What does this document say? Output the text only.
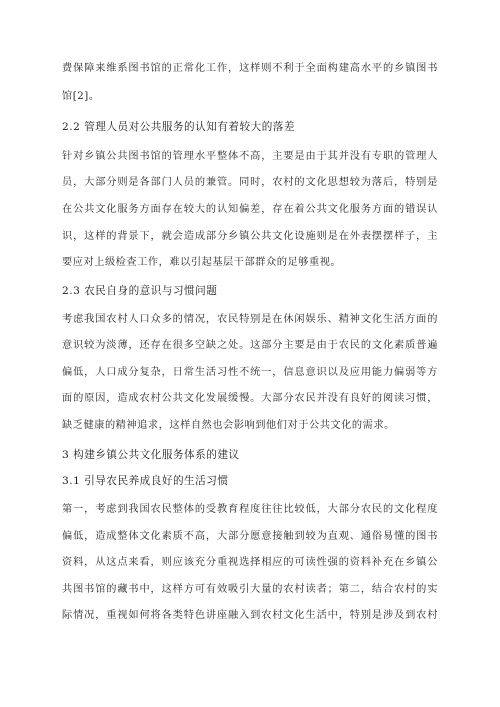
费保障来维系图书馆的正常化工作，这样则不利于全面构建高水平的乡镇图书
馆[2]。
2.2 管理人员对公共服务的认知有着较大的落差
针对乡镇公共图书馆的管理水平整体不高，主要是由于其并没有专职的管理人
员，大部分则是各部门人员的兼管。同时，农村的文化思想较为落后，特别是
在公共文化服务方面存在较大的认知偏差，存在着公共文化服务方面的错误认
识，这样的背景下，就会造成部分乡镇公共文化设施则是在外表摆摆样子，主
要应对上级检查工作，难以引起基层干部群众的足够重视。
2.3 农民自身的意识与习惯问题
考虑我国农村人口众多的情况，农民特别是在休闲娱乐、精神文化生活方面的
意识较为淡薄，还存在很多空缺之处。这部分主要是由于农民的文化素质普遍
偏低，人口成分复杂，日常生活习性不统一，信息意识以及应用能力偏弱等方
面的原因，造成农村公共文化发展缓慢。大部分农民并没有良好的阅读习惯，
缺乏健康的精神追求，这样自然也会影响到他们对于公共文化的需求。
3 构建乡镇公共文化服务体系的建议
3.1 引导农民养成良好的生活习惯
第一，考虑到我国农民整体的受教育程度往往比较低，大部分农民的文化程度
偏低，造成整体文化素质不高，大部分愿意接触到较为直观、通俗易懂的图书
资料，从这点来看，则应该充分重视选择相应的可读性强的资料补充在乡镇公
共图书馆的藏书中，这样方可有效吸引大量的农村读者；第二，结合农村的实
际情况，重视如何将各类特色讲座融入到农村文化生活中，特别是涉及到农村
